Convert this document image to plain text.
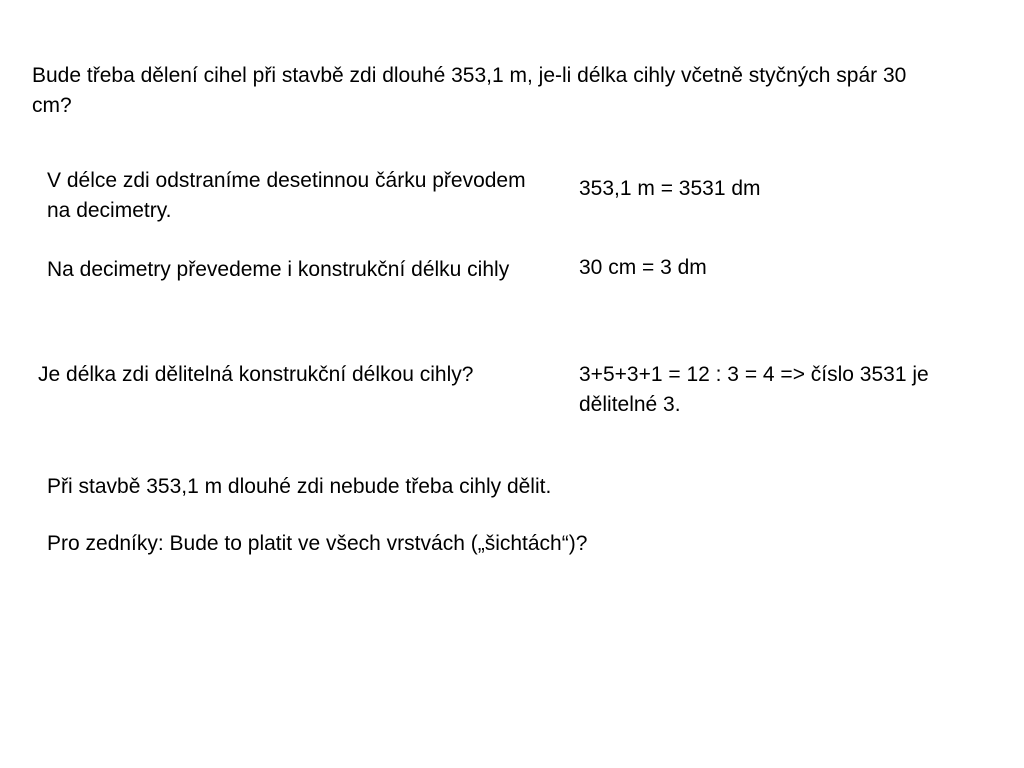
Bude třeba dělení cihel při stavbě zdi dlouhé 353,1 m, je-li délka cihly včetně styčných spár 30 cm?

V délce zdi odstraníme desetinnou čárku převodem na decimetry.

353,1 m = 3531 dm

Na decimetry převedeme i konstrukční délku cihly	30 cm = 3 dm

Je délka zdi dělitelná konstrukční délkou cihly?	3+5+3+1 = 12 : 3 = 4 => číslo 3531 je dělitelné 3.

Při stavbě 353,1 m dlouhé zdi nebude třeba cihly dělit.

Pro zedníky: Bude to platit ve všech vrstvách („šichtách“)?
